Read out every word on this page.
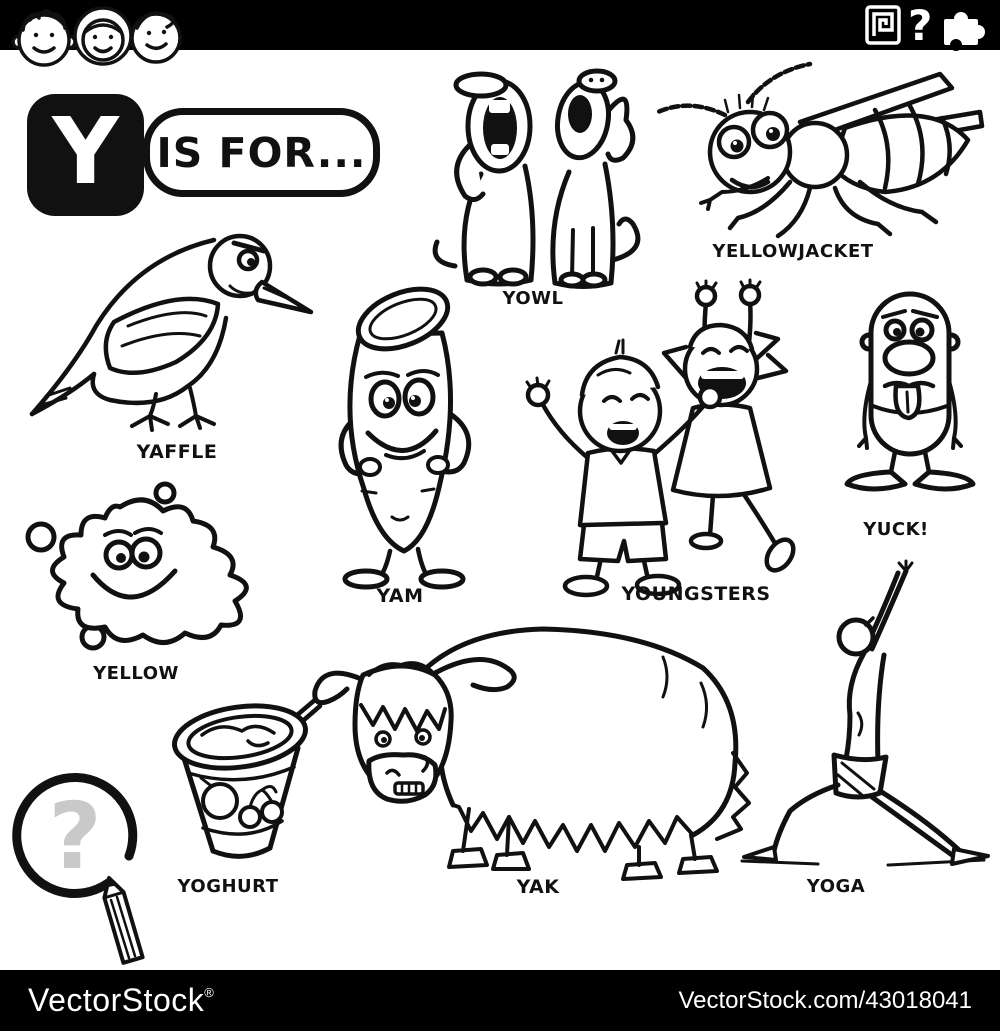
?
Y IS FOR...
YOWL
YELLOWJACKET
YAFFLE
YAM	YOUNGSTERS
YUCK!
YELLOW
YOGHURT	YAK	YOGA
?
VectorStock®	VectorStock.com/43018041
